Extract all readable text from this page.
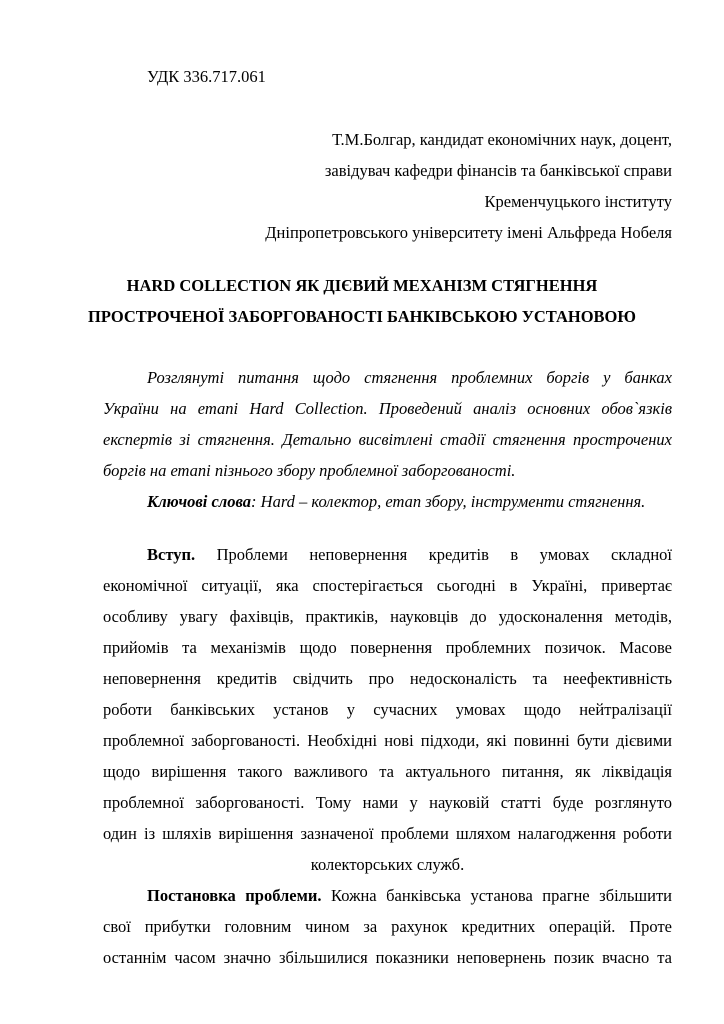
УДК 336.717.061
Т.М.Болгар, кандидат економічних наук, доцент,
завідувач кафедри фінансів та банківської справи
Кременчуцького інституту
Дніпропетровського університету імені Альфреда Нобеля
HARD COLLECTION ЯК ДІЄВИЙ МЕХАНІЗМ СТЯГНЕННЯ
ПРОСТРОЧЕНОЇ ЗАБОРГОВАНОСТІ БАНКІВСЬКОЮ УСТАНОВОЮ
Розглянуті питання щодо стягнення проблемних боргів у банках
України на етапі Hard Collection. Проведений аналіз основних обов`язків
експертів зі стягнення. Детально висвітлені стадії стягнення прострочених
боргів на етапі пізнього збору проблемної заборгованості.
Ключові слова: Hard – колектор, етап збору, інструменти стягнення.

Вступ. Проблеми неповернення кредитів в умовах складної
економічної ситуації, яка спостерігається сьогодні в Україні, привертає
особливу увагу фахівців, практиків, науковців до удосконалення методів,
прийомів та механізмів щодо повернення проблемних позичок. Масове
неповернення кредитів свідчить про недосконалість та неефективність
роботи банківських установ у сучасних умовах щодо нейтралізації
проблемної заборгованості. Необхідні нові підходи, які повинні бути дієвими
щодо вирішення такого важливого та актуального питання, як ліквідація
проблемної заборгованості. Тому нами у науковій статті буде розглянуто
один із шляхів вирішення зазначеної проблеми шляхом налагодження роботи
колекторських служб.

Постановка проблеми. Кожна банківська установа прагне збільшити
свої прибутки головним чином за рахунок кредитних операцій. Проте
останнім часом значно збільшилися показники неповернень позик вчасно та
